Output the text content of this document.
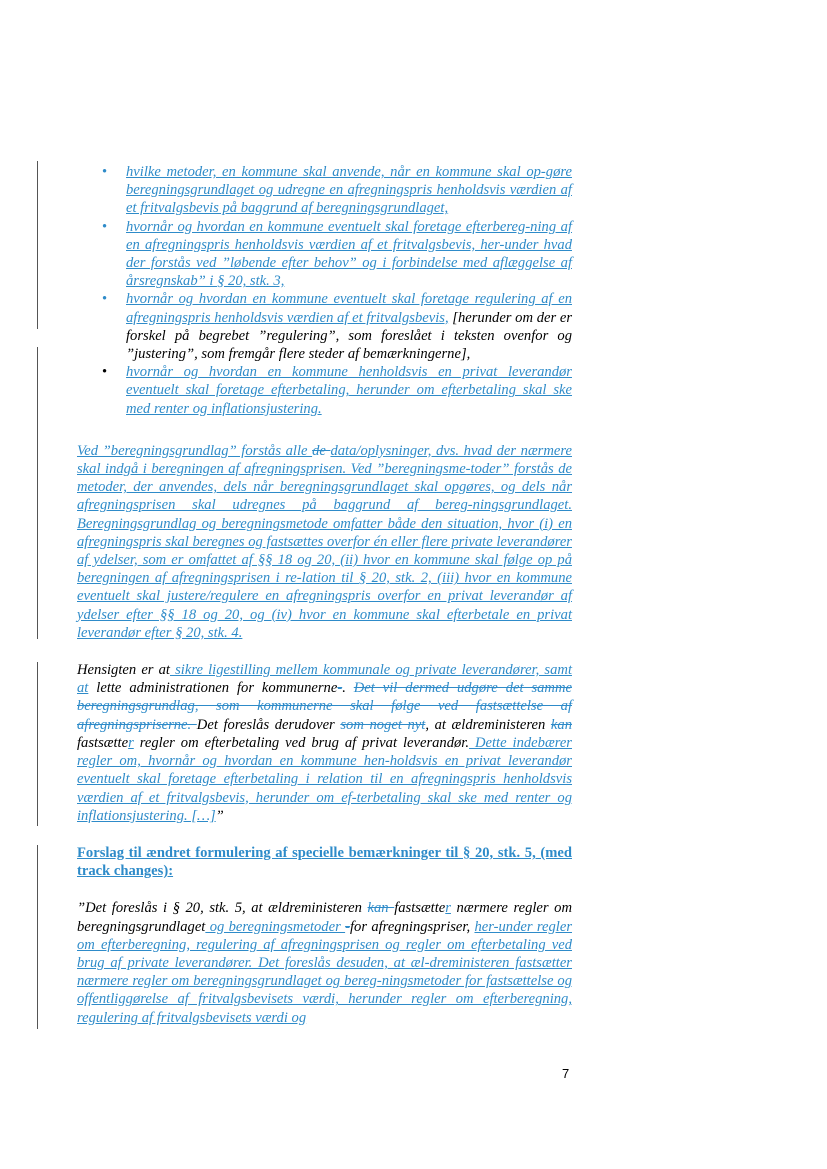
• hvilke metoder, en kommune skal anvende, når en kommune skal op-gøre beregningsgrundlaget og udregne en afregningspris henholdsvis værdien af et fritvalgsbevis på baggrund af beregningsgrundlaget,
• hvornår og hvordan en kommune eventuelt skal foretage efterbereg-ning af en afregningspris henholdsvis værdien af et fritvalgsbevis, her-under hvad der forstås ved ”løbende efter behov” og i forbindelse med aflæggelse af årsregnskab” i § 20, stk. 3,
• hvornår og hvordan en kommune eventuelt skal foretage regulering af en afregningspris henholdsvis værdien af et fritvalgsbevis, [herunder om der er forskel på begrebet ”regulering”, som foreslået i teksten ovenfor og ”justering”, som fremgår flere steder af bemærkningerne],
• hvornår og hvordan en kommune henholdsvis en privat leverandør eventuelt skal foretage efterbetaling, herunder om efterbetaling skal ske med renter og inflationsjustering.

Ved ”beregningsgrundlag” forstås alle de data/oplysninger, dvs. hvad der nærmere skal indgå i beregningen af afregningsprisen. Ved ”beregningsme-toder” forstås de metoder, der anvendes, dels når beregningsgrundlaget skal opgøres, og dels når afregningsprisen skal udregnes på baggrund af bereg-ningsgrundlaget. Beregningsgrundlag og beregningsmetode omfatter både den situation, hvor (i) en afregningspris skal beregnes og fastsættes overfor én eller flere private leverandører af ydelser, som er omfattet af §§ 18 og 20, (ii) hvor en kommune skal følge op på beregningen af afregningsprisen i re-lation til § 20, stk. 2, (iii) hvor en kommune eventuelt skal justere/regulere en afregningspris overfor en privat leverandør af ydelser efter §§ 18 og 20, og (iv) hvor en kommune skal efterbetale en privat leverandør efter § 20, stk. 4.

Hensigten er at sikre ligestilling mellem kommunale og private leverandører, samt at lette administrationen for kommunerne-. Det vil dermed udgøre det samme beregningsgrundlag, som kommunerne skal følge ved fastsættelse af afregningspriserne. Det foreslås derudover som noget nyt, at ældreministeren kan fastsætter regler om efterbetaling ved brug af privat leverandør. Dette indebærer regler om, hvornår og hvordan en kommune hen-holdsvis en privat leverandør eventuelt skal foretage efterbetaling i relation til en afregningspris henholdsvis værdien af et fritvalgsbevis, herunder om ef-terbetaling skal ske med renter og inflationsjustering. […]”

Forslag til ændret formulering af specielle bemærkninger til § 20, stk. 5, (med track changes):

”Det foreslås i § 20, stk. 5, at ældreministeren kan fastsætter nærmere regler om beregningsgrundlaget og beregningsmetoder -for afregningspriser, her-under regler om efterberegning, regulering af afregningsprisen og regler om efterbetaling ved brug af private leverandører. Det foreslås desuden, at æl-dreministeren fastsætter nærmere regler om beregningsgrundlaget og bereg-ningsmetoder for fastsættelse og offentliggørelse af fritvalgsbevisets værdi, herunder regler om efterberegning, regulering af fritvalgsbevisets værdi og

7
